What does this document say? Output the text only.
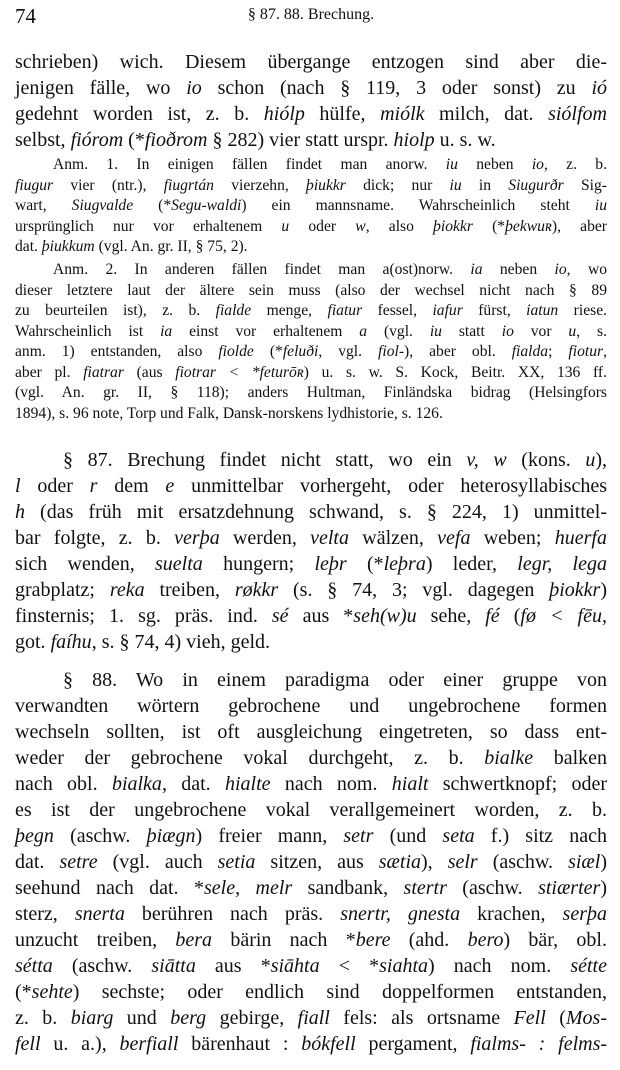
74	§ 87. 88. Brechung.
schrieben) wich. Diesem übergange entzogen sind aber die-
jenigen fälle, wo io schon (nach § 119, 3 oder sonst) zu ió
gedehnt worden ist, z. b. hiólp hülfe, miólk milch, dat. siólfom
selbst, fiórom (*fioðrom § 282) vier statt urspr. hiolp u. s. w.
Anm. 1. In einigen fällen findet man anorw. iu neben io, z. b.
fiugur vier (ntr.), fiugrtán vierzehn, þiukkr dick; nur iu in Siugurðr Sig-
wart, Siugvalde (*Segu-waldi) ein mannsname. Wahrscheinlich steht iu
ursprünglich nur vor erhaltenem u oder w, also þiokkr (*þekwuʀ), aber
dat. þiukkum (vgl. An. gr. II, § 75, 2).
Anm. 2. In anderen fällen findet man a(ost)norw. ia neben io, wo
dieser letztere laut der ältere sein muss (also der wechsel nicht nach § 89
zu beurteilen ist), z. b. fialde menge, fiatur fessel, iafur fürst, iatun riese.
Wahrscheinlich ist ia einst vor erhaltenem a (vgl. iu statt io vor u, s.
anm. 1) entstanden, also fiolde (*feluði, vgl. fiol-), aber obl. fialda; fiotur,
aber pl. fiatrar (aus fiotrar < *feturōʀ) u. s. w. S. Kock, Beitr. XX, 136 ff.
(vgl. An. gr. II, § 118); anders Hultman, Finländska bidrag (Helsingfors
1894), s. 96 note, Torp und Falk, Dansk-norskens lydhistorie, s. 126.
§ 87. Brechung findet nicht statt, wo ein v, w (kons. u),
l oder r dem e unmittelbar vorhergeht, oder heterosyllabisches
h (das früh mit ersatzdehnung schwand, s. § 224, 1) unmittel-
bar folgte, z. b. verþa werden, velta wälzen, vefa weben; huerfa
sich wenden, suelta hungern; leþr (*leþra) leder, legr, lega
grabplatz; reka treiben, røkkr (s. § 74, 3; vgl. dagegen þiokkr)
finsternis; 1. sg. präs. ind. sé aus *seh(w)u sehe, fé (fø < fēu,
got. faíhu, s. § 74, 4) vieh, geld.
§ 88. Wo in einem paradigma oder einer gruppe von
verwandten wörtern gebrochene und ungebrochene formen
wechseln sollten, ist oft ausgleichung eingetreten, so dass ent-
weder der gebrochene vokal durchgeht, z. b. bialke balken
nach obl. bialka, dat. hialte nach nom. hialt schwertknopf; oder
es ist der ungebrochene vokal verallgemeinert worden, z. b.
þegn (aschw. þiægn) freier mann, setr (und seta f.) sitz nach
dat. setre (vgl. auch setia sitzen, aus sætia), selr (aschw. siæl)
seehund nach dat. *sele, melr sandbank, stertr (aschw. stiærter)
sterz, snerta berühren nach präs. snertr, gnesta krachen, serþa
unzucht treiben, bera bärin nach *bere (ahd. bero) bär, obl.
sétta (aschw. siātta aus *siāhta < *siahta) nach nom. sétte
(*sehte) sechste; oder endlich sind doppelformen entstanden,
z. b. biarg und berg gebirge, fiall fels: als ortsname Fell (Mos-
fell u. a.), berfiall bärenhaut : bókfell pergament, fialms- : felms-
